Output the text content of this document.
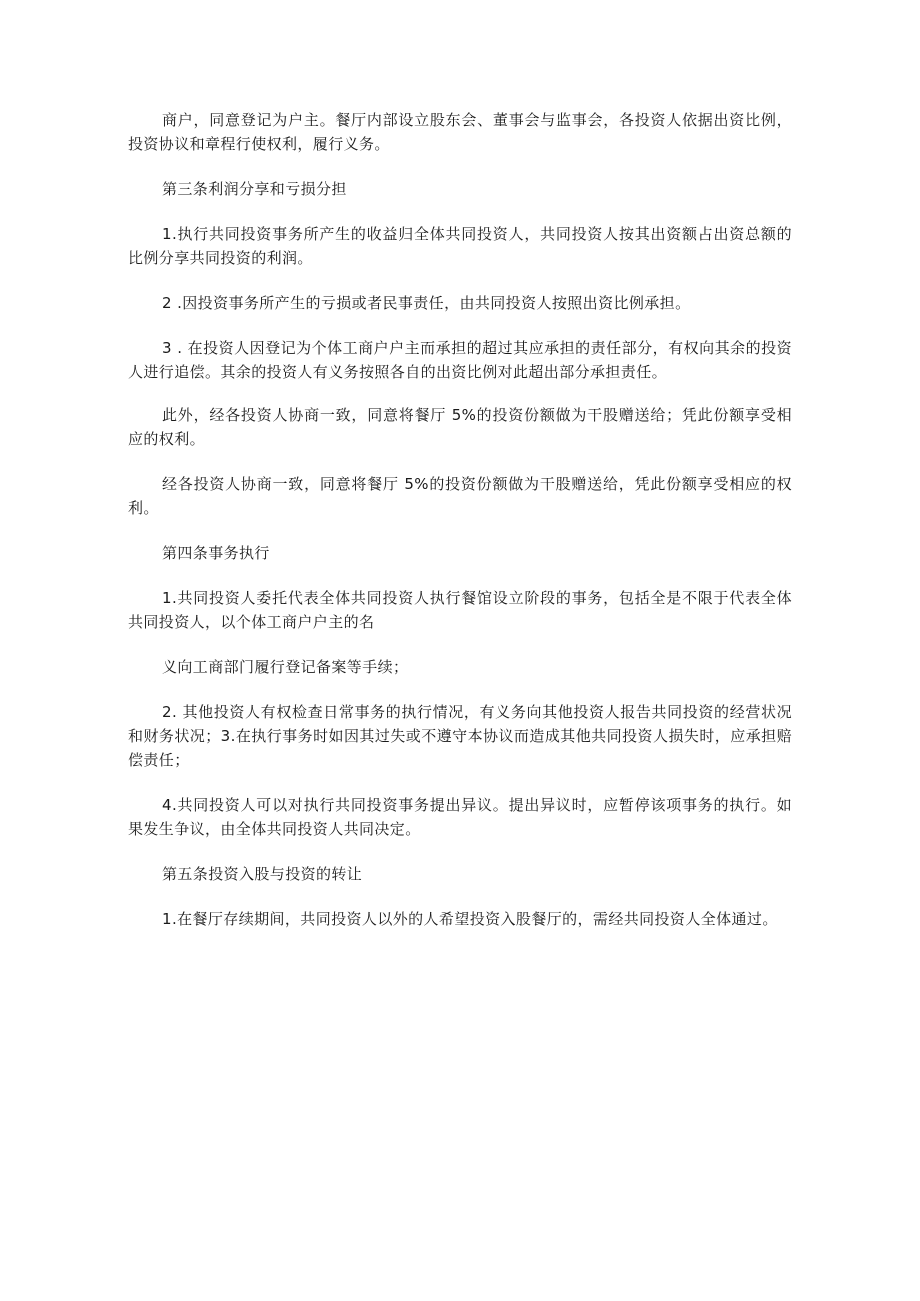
商户，同意登记为户主。餐厅内部设立股东会、董事会与监事会，各投资人依据出资比例，投资协议和章程行使权利，履行义务。

第三条利润分享和亏损分担

1.执行共同投资事务所产生的收益归全体共同投资人，共同投资人按其出资额占出资总额的比例分享共同投资的利润。

2 .因投资事务所产生的亏损或者民事责任，由共同投资人按照出资比例承担。

3 . 在投资人因登记为个体工商户户主而承担的超过其应承担的责任部分，有权向其余的投资人进行追偿。其余的投资人有义务按照各自的出资比例对此超出部分承担责任。

此外，经各投资人协商一致，同意将餐厅 5%的投资份额做为干股赠送给；凭此份额享受相应的权利。

经各投资人协商一致，同意将餐厅 5%的投资份额做为干股赠送给，凭此份额享受相应的权利。

第四条事务执行

1.共同投资人委托代表全体共同投资人执行餐馆设立阶段的事务，包括全是不限于代表全体共同投资人，以个体工商户户主的名

义向工商部门履行登记备案等手续；

2. 其他投资人有权检查日常事务的执行情况，有义务向其他投资人报告共同投资的经营状况和财务状况；3.在执行事务时如因其过失或不遵守本协议而造成其他共同投资人损失时，应承担赔偿责任；

4.共同投资人可以对执行共同投资事务提出异议。提出异议时，应暂停该项事务的执行。如果发生争议，由全体共同投资人共同决定。

第五条投资入股与投资的转让

1.在餐厅存续期间，共同投资人以外的人希望投资入股餐厅的，需经共同投资人全体通过。
